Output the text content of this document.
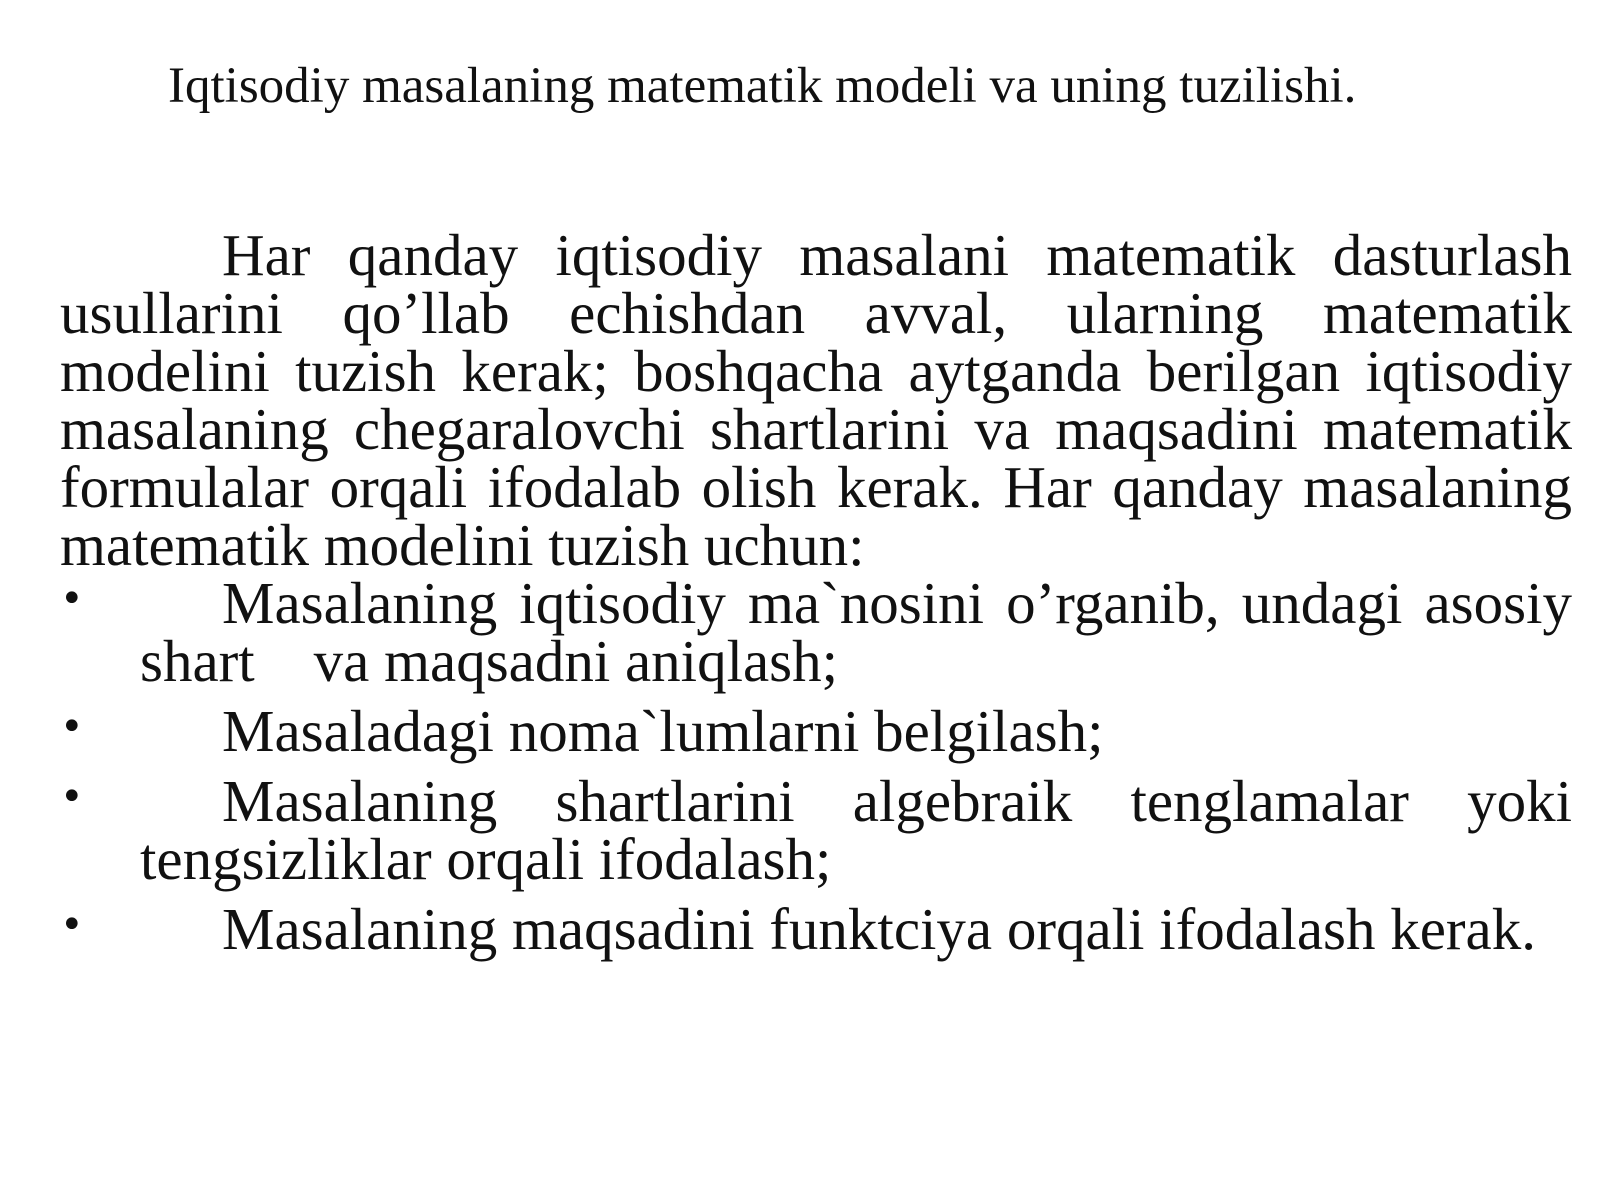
Iqtisodiy masalaning matematik modeli va uning tuzilishi.

Har qanday iqtisodiy masalani matematik dasturlash usullarini qo’llab echishdan avval, ularning matematik modelini tuzish kerak; boshqacha aytganda berilgan iqtisodiy masalaning chegaralovchi shartlarini va maqsadini matematik formulalar orqali ifodalab olish kerak. Har qanday masalaning matematik modelini tuzish uchun:

• Masalaning iqtisodiy ma`nosini o’rganib, undagi asosiy shart    va maqsadni aniqlash;
• Masaladagi noma`lumlarni belgilash;
• Masalaning shartlarini algebraik tenglamalar yoki tengsizliklar orqali ifodalash;
• Masalaning maqsadini funktciya orqali ifodalash kerak.
